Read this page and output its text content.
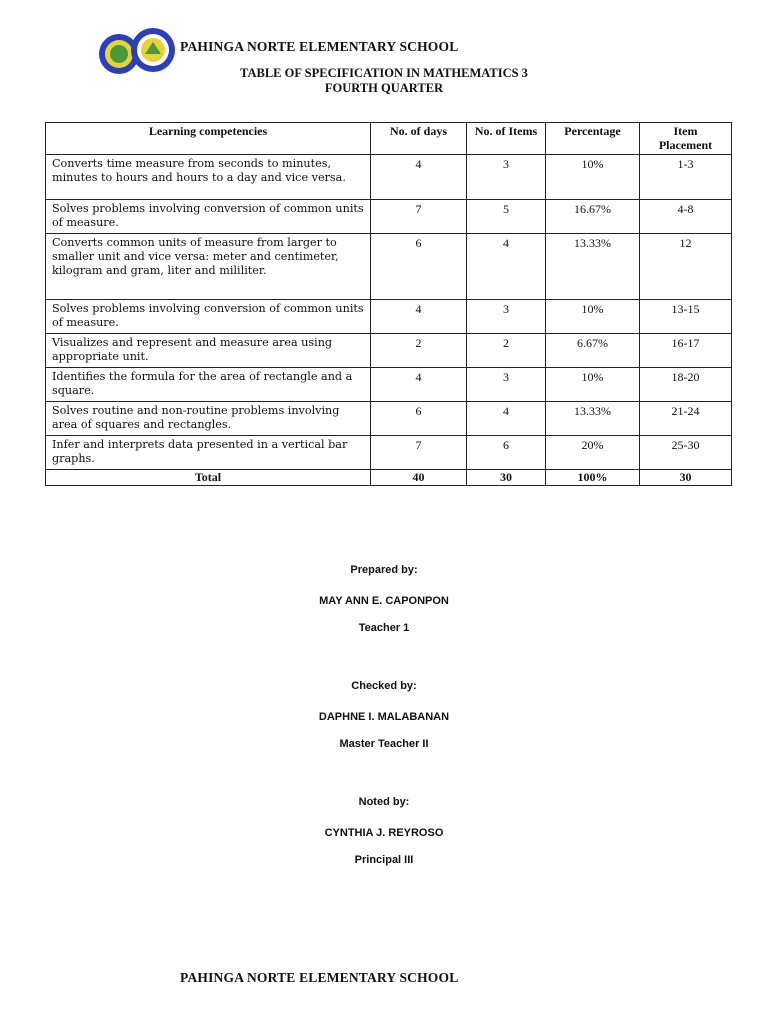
PAHINGA NORTE ELEMENTARY SCHOOL
TABLE OF SPECIFICATION IN MATHEMATICS 3
FOURTH QUARTER
Learning competencies	No. of days	No. of Items	Percentage	Item Placement
Converts time measure from seconds to minutes, minutes to hours and hours to a day and vice versa.	4	3	10%	1-3
Solves problems involving conversion of common units of measure.	7	5	16.67%	4-8
Converts common units of measure from larger to smaller unit and vice versa: meter and centimeter, kilogram and gram, liter and mililiter.	6	4	13.33%	12
Solves problems involving conversion of common units of measure.	4	3	10%	13-15
Visualizes and represent and measure area using appropriate unit.	2	2	6.67%	16-17
Identifies the formula for the area of rectangle and a square.	4	3	10%	18-20
Solves routine and non-routine problems involving area of squares and rectangles.	6	4	13.33%	21-24
Infer and interprets data presented in a vertical bar graphs.	7	6	20%	25-30
Total	40	30	100%	30
Prepared by:
MAY ANN E. CAPONPON
Teacher 1
Checked by:
DAPHNE I. MALABANAN
Master Teacher II
Noted by:
CYNTHIA J. REYROSO
Principal III
PAHINGA NORTE ELEMENTARY SCHOOL
